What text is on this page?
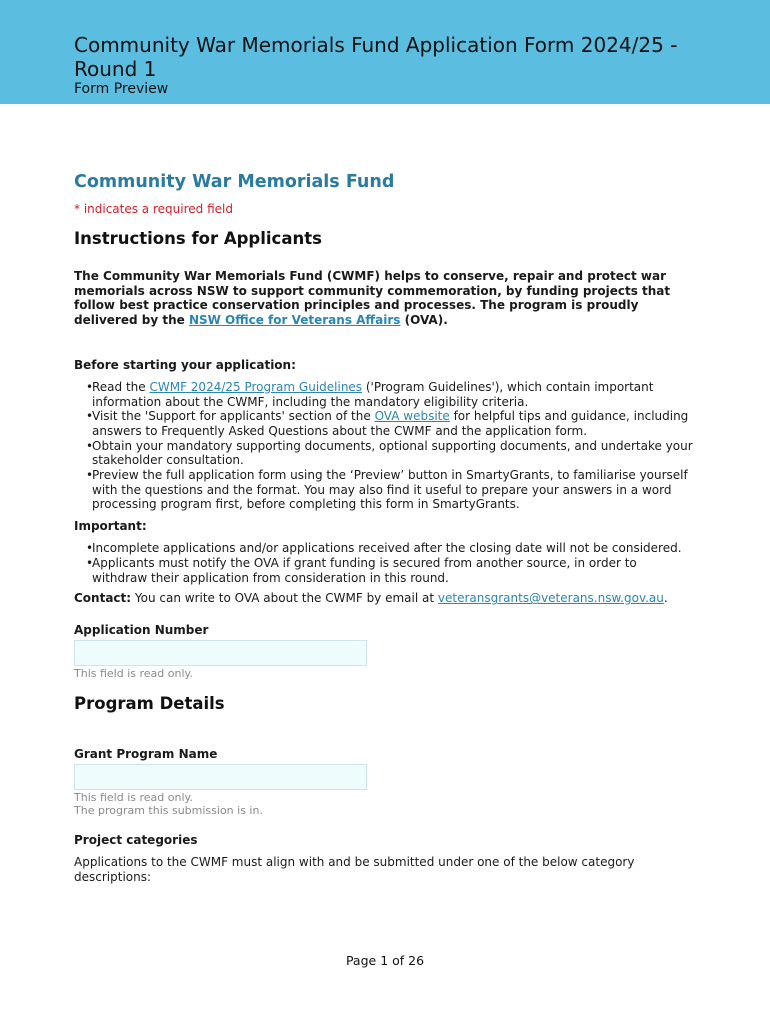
Community War Memorials Fund Application Form 2024/25 - Round 1
Form Preview
Community War Memorials Fund

* indicates a required field

Instructions for Applicants

The Community War Memorials Fund (CWMF) helps to conserve, repair and protect war memorials across NSW to support community commemoration, by funding projects that follow best practice conservation principles and processes. The program is proudly delivered by the NSW Office for Veterans Affairs (OVA).

Before starting your application:

•
Read the CWMF 2024/25 Program Guidelines ('Program Guidelines'), which contain important information about the CWMF, including the mandatory eligibility criteria.
•
Visit the 'Support for applicants' section of the OVA website for helpful tips and guidance, including answers to Frequently Asked Questions about the CWMF and the application form.
•
Obtain your mandatory supporting documents, optional supporting documents, and undertake your stakeholder consultation.
•
Preview the full application form using the ‘Preview’ button in SmartyGrants, to familiarise yourself with the questions and the format. You may also find it useful to prepare your answers in a word processing program first, before completing this form in SmartyGrants.

Important:

•
Incomplete applications and/or applications received after the closing date will not be considered.
•
Applicants must notify the OVA if grant funding is secured from another source, in order to withdraw their application from consideration in this round.

Contact: You can write to OVA about the CWMF by email at veteransgrants@veterans.nsw.gov.au.

Application Number

This field is read only.
Program Details

Grant Program Name

This field is read only.
The program this submission is in.

Project categories

Applications to the CWMF must align with and be submitted under one of the below category descriptions:

Page 1 of 26
